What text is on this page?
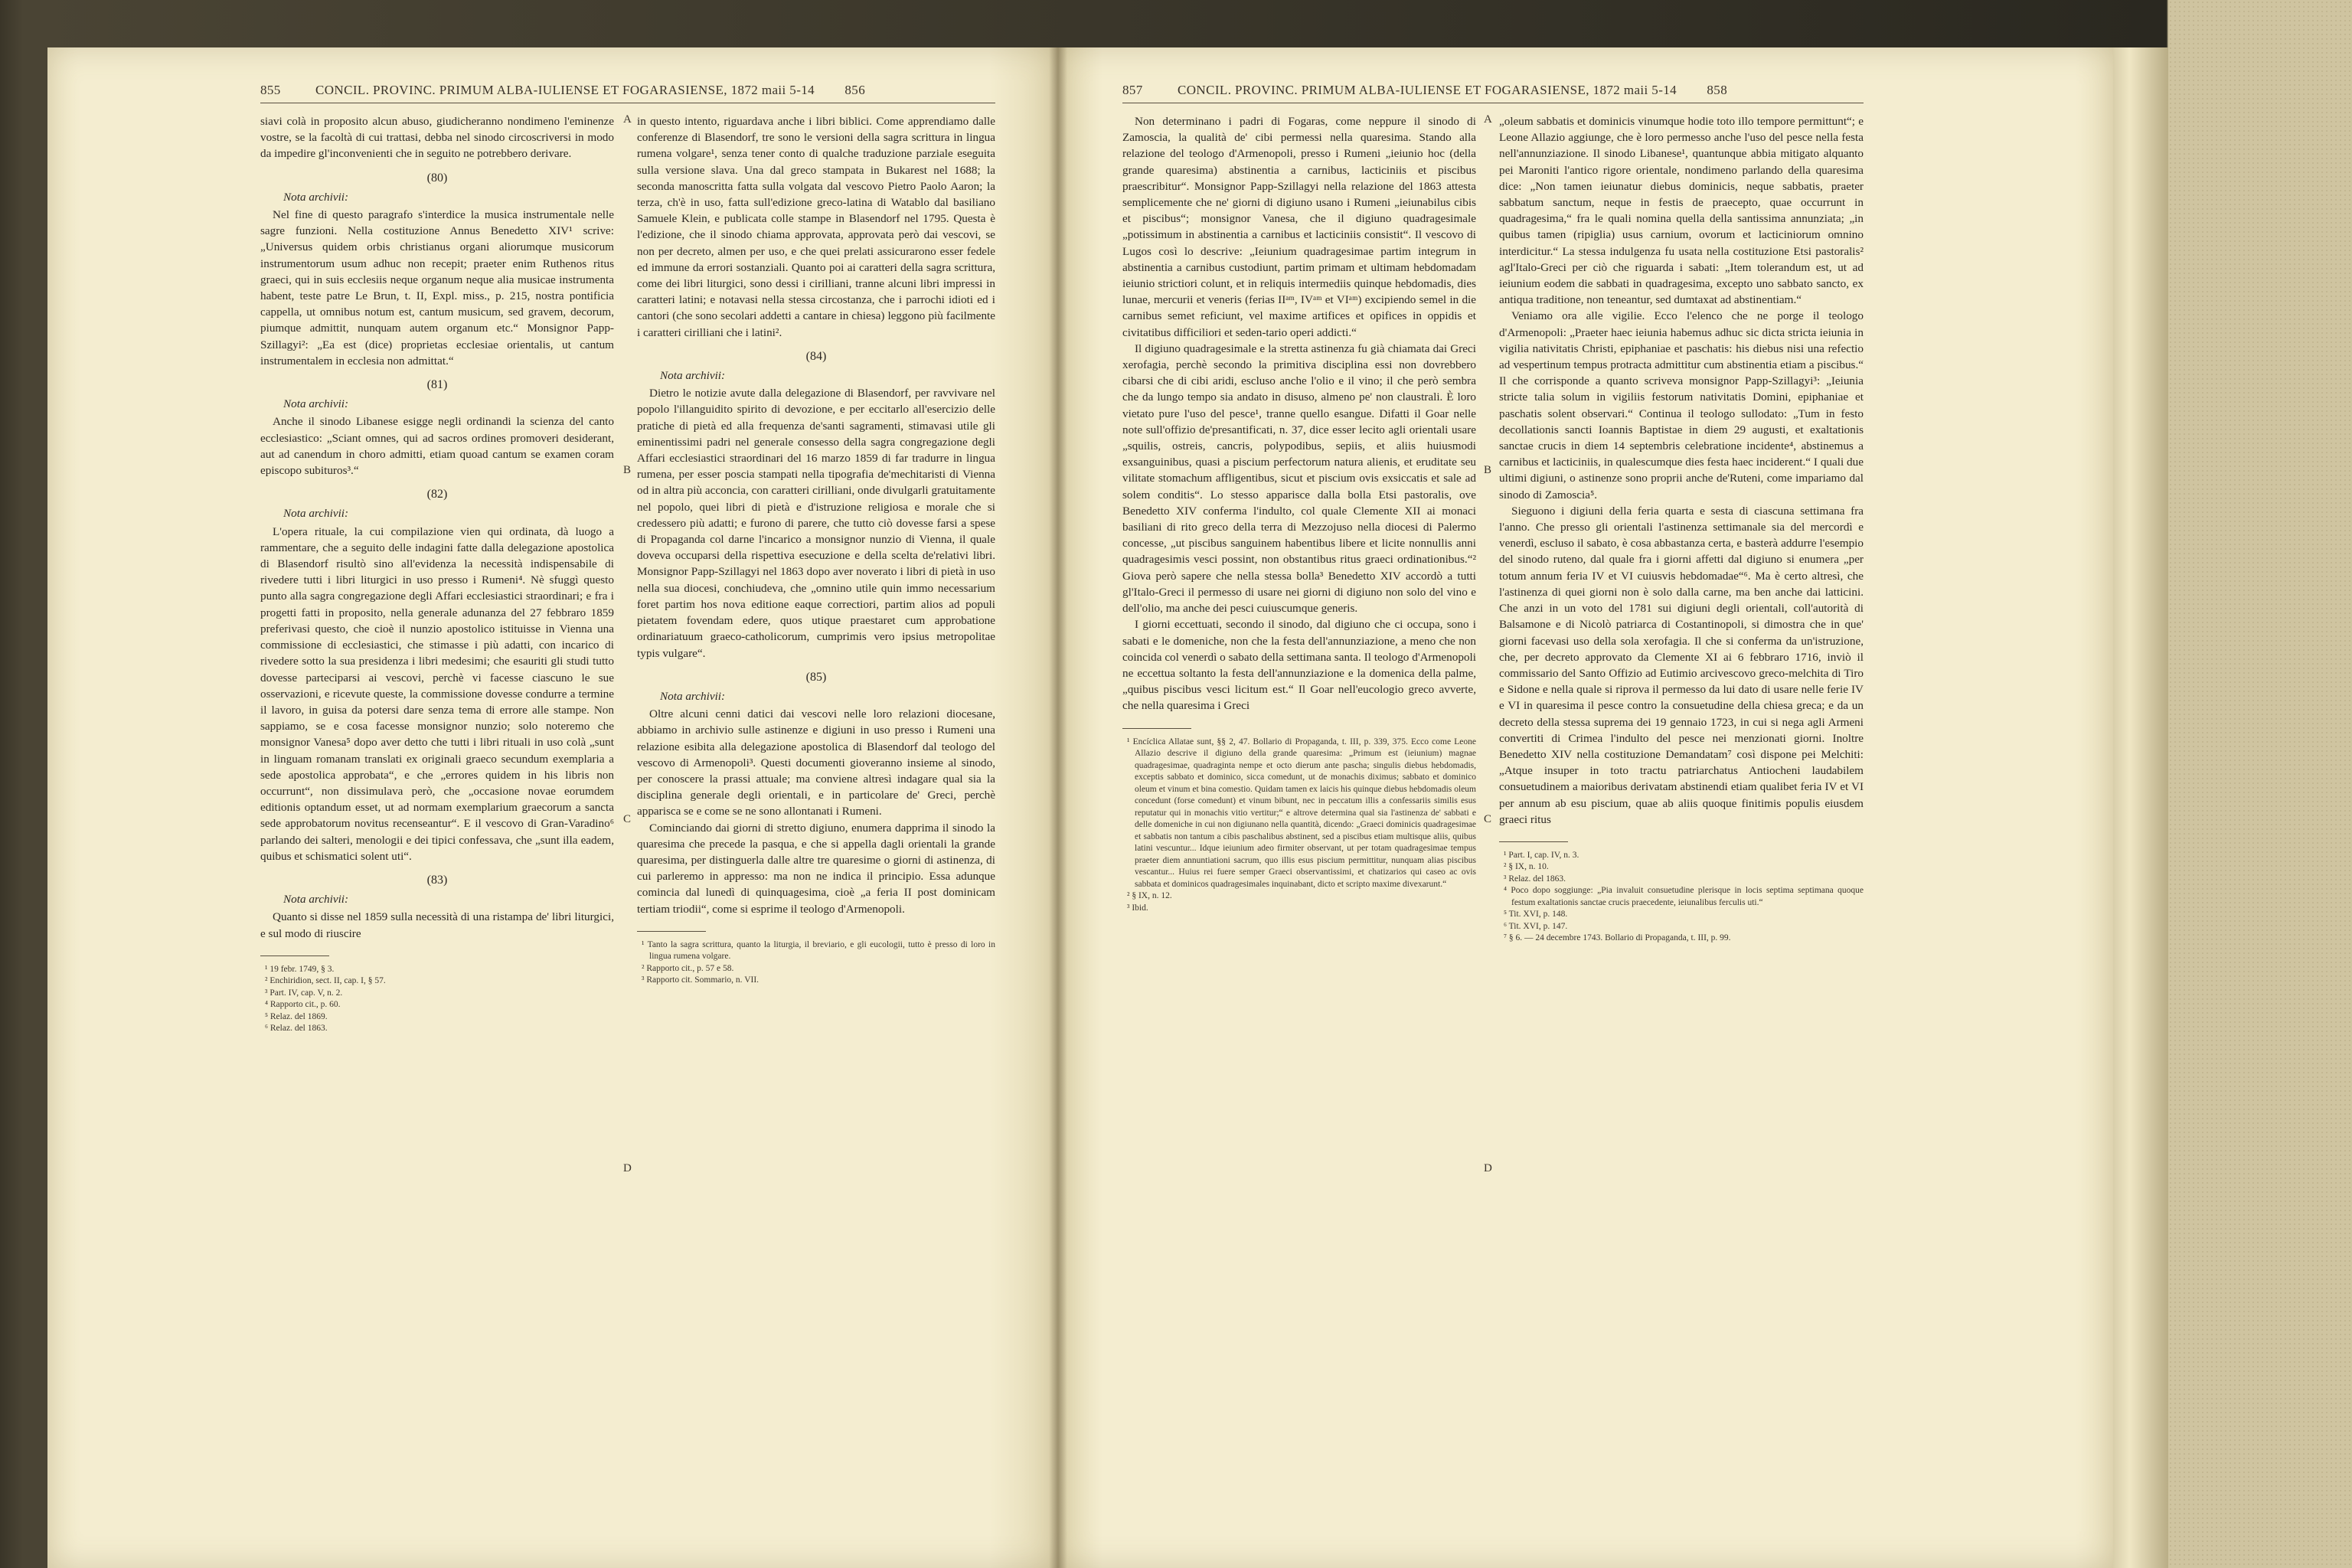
855	CONCIL. PROVINC. PRIMUM ALBA-IULIENSE ET FOGARASIENSE, 1872 maii 5-14 856

siavi colà in proposito alcun abuso, giudicheranno nondimeno l'eminenze vostre, se la facoltà di cui trattasi, debba nel sinodo circoscriversi in modo da impedire gl'inconvenienti che in seguito ne potrebbero derivare.

(80)
Nota archivii:

Nel fine di questo paragrafo s'interdice la musica instrumentale nelle sagre funzioni. Nella costituzione Annus Benedetto XIV¹ scrive: „Universus quidem orbis christianus organi aliorumque musicorum instrumentorum usum adhuc non recepit; praeter enim Ruthenos ritus graeci, qui in suis ecclesiis neque organum neque alia musicae instrumenta habent, teste patre Le Brun, t. II, Expl. miss., p. 215, nostra pontificia cappella, ut omnibus notum est, cantum musicum, sed gravem, decorum, piumque admittit, nunquam autem organum etc.“ Monsignor Papp-Szillagyi²: „Ea est (dice) proprietas ecclesiae orientalis, ut cantum instrumentalem in ecclesia non admittat.“

(81)
Nota archivii:

Anche il sinodo Libanese esigge negli ordinandi la scienza del canto ecclesiastico: „Sciant omnes, qui ad sacros ordines promoveri desiderant, aut ad canendum in choro admitti, etiam quoad cantum se examen coram episcopo subituros³.“

(82)
Nota archivii:

L'opera rituale, la cui compilazione vien qui ordinata, dà luogo a rammentare, che a seguito delle indagini fatte dalla delegazione apostolica di Blasendorf risultò sino all'evidenza la necessità indispensabile di rivedere tutti i libri liturgici in uso presso i Rumeni⁴. Nè sfuggì questo punto alla sagra congregazione degli Affari ecclesiastici straordinari; e fra i progetti fatti in proposito, nella generale adunanza del 27 febbraro 1859 preferivasi questo, che cioè il nunzio apostolico istituisse in Vienna una commissione di ecclesiastici, che stimasse i più adatti, con incarico di rivedere sotto la sua presidenza i libri medesimi; che esauriti gli studi tutto dovesse parteciparsi ai vescovi, perchè vi facesse ciascuno le sue osservazioni, e ricevute queste, la commissione dovesse condurre a termine il lavoro, in guisa da potersi dare senza tema di errore alle stampe. Non sappiamo, se e cosa facesse monsignor nunzio; solo noteremo che monsignor Vanesa⁵ dopo aver detto che tutti i libri rituali in uso colà „sunt in linguam romanam translati ex originali graeco secundum exemplaria a sede apostolica approbata“, e che „errores quidem in his libris non occurrunt“, non dissimulava però, che „occasione novae eorumdem editionis optandum esset, ut ad normam exemplarium graecorum a sancta sede approbatorum novitus recenseantur“. E il vescovo di Gran-Varadino⁶ parlando dei salteri, menologii e dei tipici confessava, che „sunt illa eadem, quibus et schismatici solent uti“.

(83)
Nota archivii:

Quanto si disse nel 1859 sulla necessità di una ristampa de' libri liturgici, e sul modo di riuscire

¹ 19 febr. 1749, § 3.
² Enchiridion, sect. II, cap. I, § 57.
³ Part. IV, cap. V, n. 2.
⁴ Rapporto cit., p. 60.
⁵ Relaz. del 1869.
⁶ Relaz. del 1863.
A
B
C
D

in questo intento, riguardava anche i libri biblici. Come apprendiamo dalle conferenze di Blasendorf, tre sono le versioni della sagra scrittura in lingua rumena volgare¹, senza tener conto di qualche traduzione parziale eseguita sulla versione slava. Una dal greco stampata in Bukarest nel 1688; la seconda manoscritta fatta sulla volgata dal vescovo Pietro Paolo Aaron; la terza, ch'è in uso, fatta sull'edizione greco-latina di Watablo dal basiliano Samuele Klein, e publicata colle stampe in Blasendorf nel 1795. Questa è l'edizione, che il sinodo chiama approvata, approvata però dai vescovi, se non per decreto, almen per uso, e che quei prelati assicurarono esser fedele ed immune da errori sostanziali. Quanto poi ai caratteri della sagra scrittura, come dei libri liturgici, sono dessi i cirilliani, tranne alcuni libri impressi in caratteri latini; e notavasi nella stessa circostanza, che i parrochi idioti ed i cantori (che sono secolari addetti a cantare in chiesa) leggono più facilmente i caratteri cirilliani che i latini².

(84)
Nota archivii:

Dietro le notizie avute dalla delegazione di Blasendorf, per ravvivare nel popolo l'illanguidito spirito di devozione, e per eccitarlo all'esercizio delle pratiche di pietà ed alla frequenza de'santi sagramenti, stimavasi utile gli eminentissimi padri nel generale consesso della sagra congregazione degli Affari ecclesiastici straordinari del 16 marzo 1859 di far tradurre in lingua rumena, per esser poscia stampati nella tipografia de'mechitaristi di Vienna od in altra più acconcia, con caratteri cirilliani, onde divulgarli gratuitamente nel popolo, quei libri di pietà e d'istruzione religiosa e morale che si credessero più adatti; e furono di parere, che tutto ciò dovesse farsi a spese di Propaganda col darne l'incarico a monsignor nunzio di Vienna, il quale doveva occuparsi della rispettiva esecuzione e della scelta de'relativi libri. Monsignor Papp-Szillagyi nel 1863 dopo aver noverato i libri di pietà in uso nella sua diocesi, conchiudeva, che „omnino utile quin immo necessarium foret partim hos nova editione eaque correctiori, partim alios ad populi pietatem fovendam edere, quos utique praestaret cum approbatione ordinariatuum graeco-catholicorum, cumprimis vero ipsius metropolitae typis vulgare“.

(85)
Nota archivii:

Oltre alcuni cenni datici dai vescovi nelle loro relazioni diocesane, abbiamo in archivio sulle astinenze e digiuni in uso presso i Rumeni una relazione esibita alla delegazione apostolica di Blasendorf dal teologo del vescovo di Armenopoli³. Questi documenti gioveranno insieme al sinodo, per conoscere la prassi attuale; ma conviene altresì indagare qual sia la disciplina generale degli orientali, e in particolare de' Greci, perchè apparisca se e come se ne sono allontanati i Rumeni.

Cominciando dai giorni di stretto digiuno, enumera dapprima il sinodo la quaresima che precede la pasqua, e che si appella dagli orientali la grande quaresima, per distinguerla dalle altre tre quaresime o giorni di astinenza, di cui parleremo in appresso: ma non ne indica il principio. Essa adunque comincia dal lunedì di quinquagesima, cioè „a feria II post dominicam tertiam triodii“, come si esprime il teologo d'Armenopoli.

¹ Tanto la sagra scrittura, quanto la liturgia, il breviario, e gli eucologii, tutto è presso di loro in lingua rumena volgare.
² Rapporto cit., p. 57 e 58.
³ Rapporto cit. Sommario, n. VII.
857	CONCIL. PROVINC. PRIMUM ALBA-IULIENSE ET FOGARASIENSE, 1872 maii 5-14 858

Non determinano i padri di Fogaras, come neppure il sinodo di Zamoscia, la qualità de' cibi permessi nella quaresima. Stando alla relazione del teologo d'Armenopoli, presso i Rumeni „ieiunio hoc (della grande quaresima) abstinentia a carnibus, lacticiniis et piscibus praescribitur“. Monsignor Papp-Szillagyi nella relazione del 1863 attesta semplicemente che ne' giorni di digiuno usano i Rumeni „ieiunabilus cibis et piscibus“; monsignor Vanesa, che il digiuno quadragesimale „potissimum in abstinentia a carnibus et lacticiniis consistit“. Il vescovo di Lugos così lo descrive: „Ieiunium quadragesimae partim integrum in abstinentia a carnibus custodiunt, partim primam et ultimam hebdomadam ieiunio strictiori colunt, et in reliquis intermediis quinque hebdomadis, dies lunae, mercurii et veneris (ferias IIᵃᵐ, IVᵃᵐ et VIᵃᵐ) excipiendo semel in die carnibus semet reficiunt, vel maxime artifices et opifices in oppidis et civitatibus difficiliori et seden-tario operi addicti.“

Il digiuno quadragesimale e la stretta astinenza fu già chiamata dai Greci xerofagia, perchè secondo la primitiva disciplina essi non dovrebbero cibarsi che di cibi aridi, escluso anche l'olio e il vino; il che però sembra che da lungo tempo sia andato in disuso, almeno pe' non claustrali. È loro vietato pure l'uso del pesce¹, tranne quello esangue. Difatti il Goar nelle note sull'offizio de'presantificati, n. 37, dice esser lecito agli orientali usare „squilis, ostreis, cancris, polypodibus, sepiis, et aliis huiusmodi exsanguinibus, quasi a piscium perfectorum natura alienis, et eruditate seu vilitate stomachum affligentibus, sicut et piscium ovis exsiccatis et sale ad solem conditis“. Lo stesso apparisce dalla bolla Etsi pastoralis, ove Benedetto XIV conferma l'indulto, col quale Clemente XII ai monaci basiliani di rito greco della terra di Mezzojuso nella diocesi di Palermo concesse, „ut piscibus sanguinem habentibus libere et licite nonnullis anni quadragesimis vesci possint, non obstantibus ritus graeci ordinationibus.“² Giova però sapere che nella stessa bolla³ Benedetto XIV accordò a tutti gl'Italo-Greci il permesso di usare nei giorni di digiuno non solo del vino e dell'olio, ma anche dei pesci cuiuscumque generis.

I giorni eccettuati, secondo il sinodo, dal digiuno che ci occupa, sono i sabati e le domeniche, non che la festa dell'annunziazione, a meno che non coincida col venerdì o sabato della settimana santa. Il teologo d'Armenopoli ne eccettua soltanto la festa dell'annunziazione e la domenica della palme, „quibus piscibus vesci licitum est.“ Il Goar nell'eucologio greco avverte, che nella quaresima i Greci

¹ Encíclica Allatae sunt, §§ 2, 47. Bollario di Propaganda, t. III, p. 339, 375. Ecco come Leone Allazio descrive il digiuno della grande quaresima: „Primum est (ieiunium) magnae quadragesimae, quadraginta nempe et octo dierum ante pascha; singulis diebus hebdomadis, exceptis sabbato et dominico, sicca comedunt, ut de monachis diximus; sabbato et dominico oleum et vinum et bina comestio. Quidam tamen ex laicis his quinque diebus hebdomadis oleum concedunt (forse comedunt) et vinum bibunt, nec in peccatum illis a confessariis similis esus reputatur qui in monachis vitio vertitur;“ e altrove determina qual sia l'astinenza de' sabbati e delle domeniche in cui non digiunano nella quantità, dicendo: „Graeci dominicis quadragesimae et sabbatis non tantum a cibis paschalibus abstinent, sed a piscibus etiam multisque aliis, quibus latini vescuntur... Idque ieiunium adeo firmiter observant, ut per totam quadragesimae tempus praeter diem annuntiationi sacrum, quo illis esus piscium permittitur, nunquam alias piscibus vescantur... Huius rei fuere semper Graeci observantissimi, et chatizarios qui caseo ac ovis sabbata et dominicos quadragesimales inquinabant, dicto et scripto maxime divexarunt.“
² § IX, n. 12.
³ Ibid.
A
B
C
D

„oleum sabbatis et dominicis vinumque hodie toto illo tempore permittunt“; e Leone Allazio aggiunge, che è loro permesso anche l'uso del pesce nella festa nell'annunziazione. Il sinodo Libanese¹, quantunque abbia mitigato alquanto pei Maroniti l'antico rigore orientale, nondimeno parlando della quaresima dice: „Non tamen ieiunatur diebus dominicis, neque sabbatis, praeter sabbatum sanctum, neque in festis de praecepto, quae occurrunt in quadragesima,“ fra le quali nomina quella della santissima annunziata; „in quibus tamen (ripiglia) usus carnium, ovorum et lacticiniorum omnino interdicitur.“ La stessa indulgenza fu usata nella costituzione Etsi pastoralis² agl'Italo-Greci per ciò che riguarda i sabati: „Item tolerandum est, ut ad ieiunium eodem die sabbati in quadragesima, excepto uno sabbato sancto, ex antiqua traditione, non teneantur, sed dumtaxat ad abstinentiam.“

Veniamo ora alle vigilie. Ecco l'elenco che ne porge il teologo d'Armenopoli: „Praeter haec ieiunia habemus adhuc sic dicta stricta ieiunia in vigilia nativitatis Christi, epiphaniae et paschatis: his diebus nisi una refectio ad vespertinum tempus protracta admittitur cum abstinentia etiam a piscibus.“ Il che corrisponde a quanto scriveva monsignor Papp-Szillagyi³: „Ieiunia stricte talia solum in vigiliis festorum nativitatis Domini, epiphaniae et paschatis solent observari.“ Continua il teologo sullodato: „Tum in festo decollationis sancti Ioannis Baptistae in diem 29 augusti, et exaltationis sanctae crucis in diem 14 septembris celebratione incidente⁴, abstinemus a carnibus et lacticiniis, in qualescumque dies festa haec inciderent.“ I quali due ultimi digiuni, o astinenze sono proprii anche de'Ruteni, come impariamo dal sinodo di Zamoscia⁵.

Sieguono i digiuni della feria quarta e sesta di ciascuna settimana fra l'anno. Che presso gli orientali l'astinenza settimanale sia del mercordì e venerdì, escluso il sabato, è cosa abbastanza certa, e basterà addurre l'esempio del sinodo ruteno, dal quale fra i giorni affetti dal digiuno si enumera „per totum annum feria IV et VI cuiusvis hebdomadae“⁶. Ma è certo altresì, che l'astinenza di quei giorni non è solo dalla carne, ma ben anche dai latticini. Che anzi in un voto del 1781 sui digiuni degli orientali, coll'autorità di Balsamone e di Nicolò patriarca di Costantinopoli, si dimostra che in que' giorni facevasi uso della sola xerofagia. Il che si conferma da un'istruzione, che, per decreto approvato da Clemente XI ai 6 febbraro 1716, inviò il commissario del Santo Offizio ad Eutimio arcivescovo greco-melchita di Tiro e Sidone e nella quale si riprova il permesso da lui dato di usare nelle ferie IV e VI in quaresima il pesce contro la consuetudine della chiesa greca; e da un decreto della stessa suprema dei 19 gennaio 1723, in cui si nega agli Armeni convertiti di Crimea l'indulto del pesce nei menzionati giorni. Inoltre Benedetto XIV nella costituzione Demandatam⁷ così dispone pei Melchiti: „Atque insuper in toto tractu patriarchatus Antiocheni laudabilem consuetudinem a maioribus derivatam abstinendi etiam qualibet feria IV et VI per annum ab esu piscium, quae ab aliis quoque finitimis populis eiusdem graeci ritus

¹ Part. I, cap. IV, n. 3.
² § IX, n. 10.
³ Relaz. del 1863.
⁴ Poco dopo soggiunge: „Pia invaluit consuetudine plerisque in locis septima septimana quoque festum exaltationis sanctae crucis praecedente, ieiunalibus ferculis uti.“
⁵ Tit. XVI, p. 148.
⁶ Tit. XVI, p. 147.
⁷ § 6. — 24 decembre 1743. Bollario di Propaganda, t. III, p. 99.
